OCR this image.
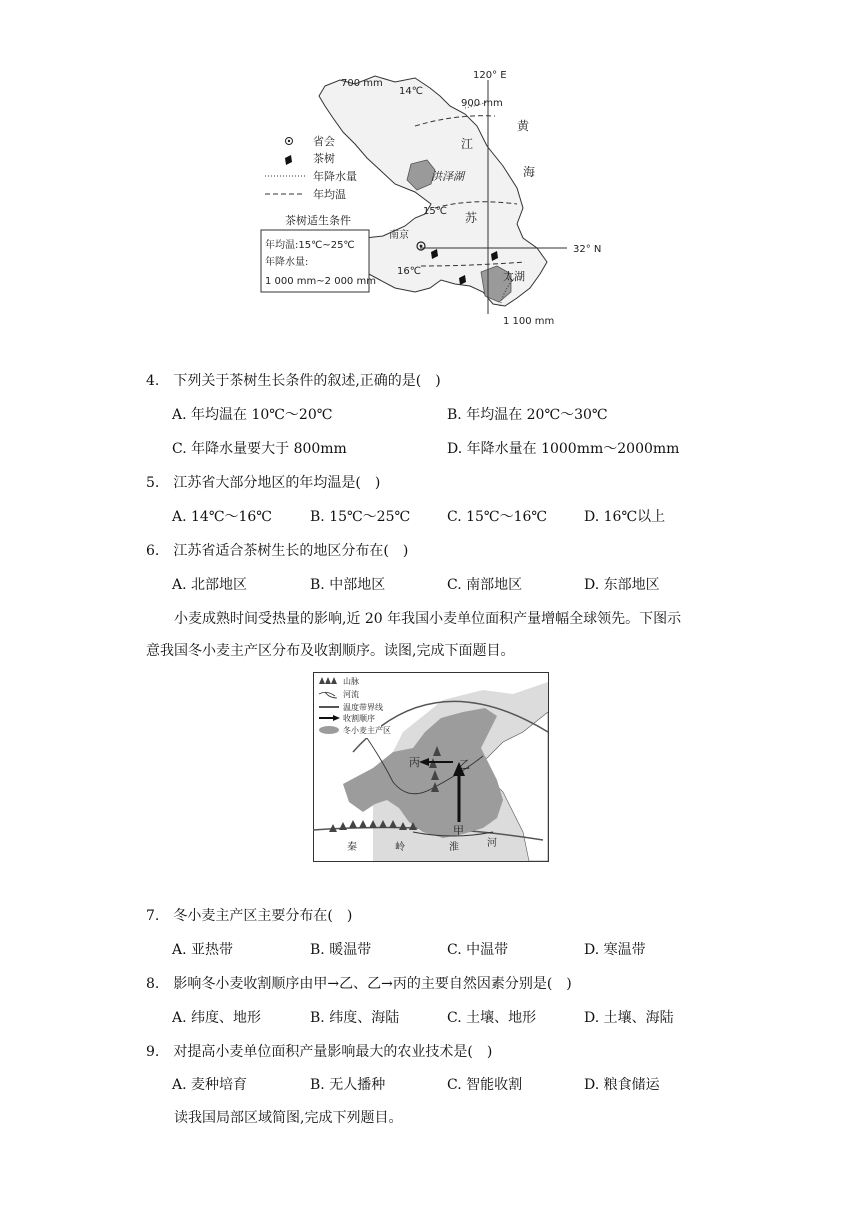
700 mm
14℃
120° E
900 mm
江
黄
海
洪泽湖
15℃ 苏
南京
32° N
16℃	太湖
1 100 mm
省会
茶树
年降水量
年均温
茶树适生条件
年均温:15℃~25℃
年降水量:
1 000 mm~2 000 mm
4.　下列关于茶树生长条件的叙述,正确的是(　)
A. 年均温在 10℃～20℃	B. 年均温在 20℃～30℃
C. 年降水量要大于 800mm	D. 年降水量在 1000mm～2000mm
5.　江苏省大部分地区的年均温是(　)
A. 14℃～16℃	B. 15℃～25℃	C. 15℃～16℃	D. 16℃以上
6.　江苏省适合茶树生长的地区分布在(　)
A. 北部地区	B. 中部地区	C. 南部地区	D. 东部地区
小麦成熟时间受热量的影响,近 20 年我国小麦单位面积产量增幅全球领先。下图示
意我国冬小麦主产区分布及收割顺序。读图,完成下面题目。
丙	乙
甲
秦	岭	淮	河
山脉
河流
温度带界线
收割顺序
冬小麦主产区
7.　冬小麦主产区主要分布在(　)
A. 亚热带	B. 暖温带	C. 中温带	D. 寒温带
8.　影响冬小麦收割顺序由甲→乙、乙→丙的主要自然因素分别是(　)
A. 纬度、地形	B. 纬度、海陆	C. 土壤、地形	D. 土壤、海陆
9.　对提高小麦单位面积产量影响最大的农业技术是(　)
A. 麦种培育	B. 无人播种	C. 智能收割	D. 粮食储运
读我国局部区域简图,完成下列题目。
